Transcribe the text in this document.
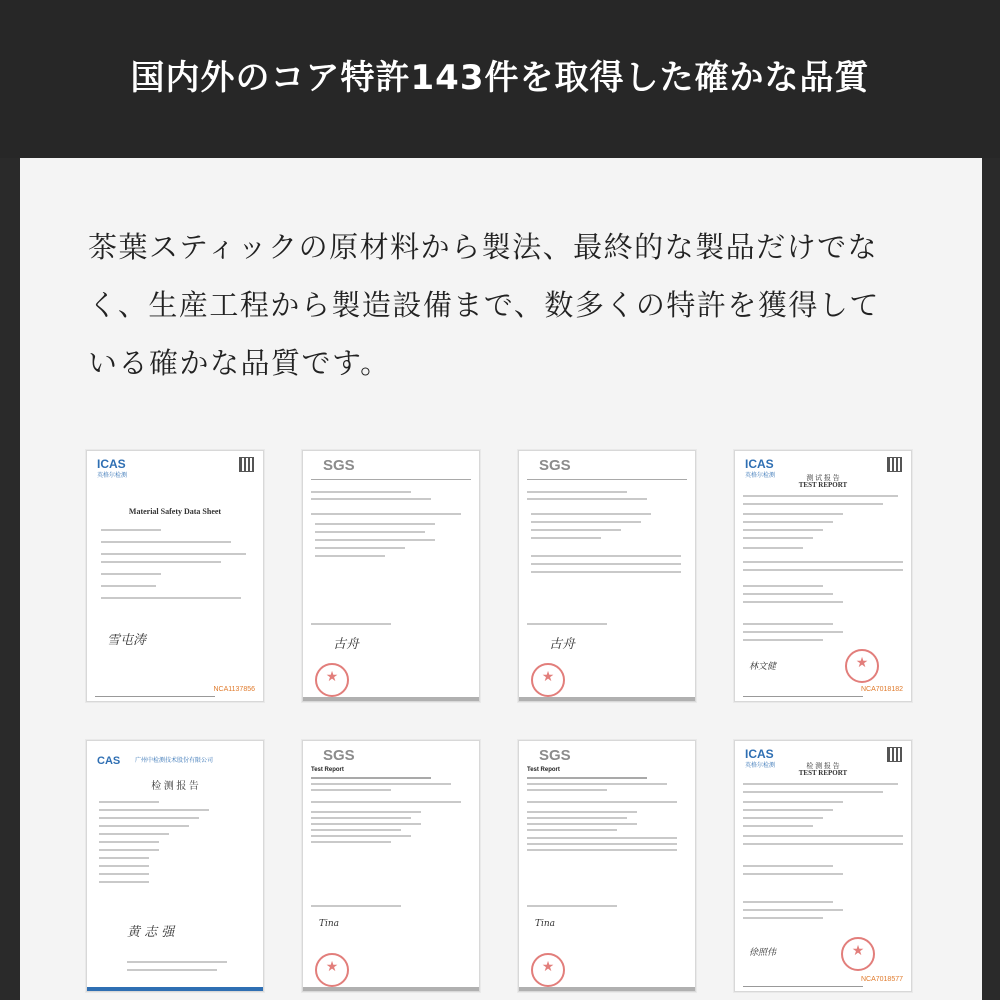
国内外のコア特許143件を取得した確かな品質
茶葉スティックの原材料から製法、最終的な製品だけでな
く、生産工程から製造設備まで、数多くの特許を獲得して
いる確かな品質です。
ICAS
英格尔检测
Material Safety Data Sheet
雪屯涛
NCA1137856
SGS
古舟
★
SGS
古舟
★
ICAS
英格尔检测	测 试 报 告
TEST REPORT
林文健
★
NCA7018182
CAS 广州中检测技术股份有限公司
检 测 报 告
黄 志 强
SGS
Test Report
Tina
★
SGS
Test Report
Tina
★
ICAS
英格尔检测	检 测 报 告
TEST REPORT
徐照伟
★
NCA7018577
